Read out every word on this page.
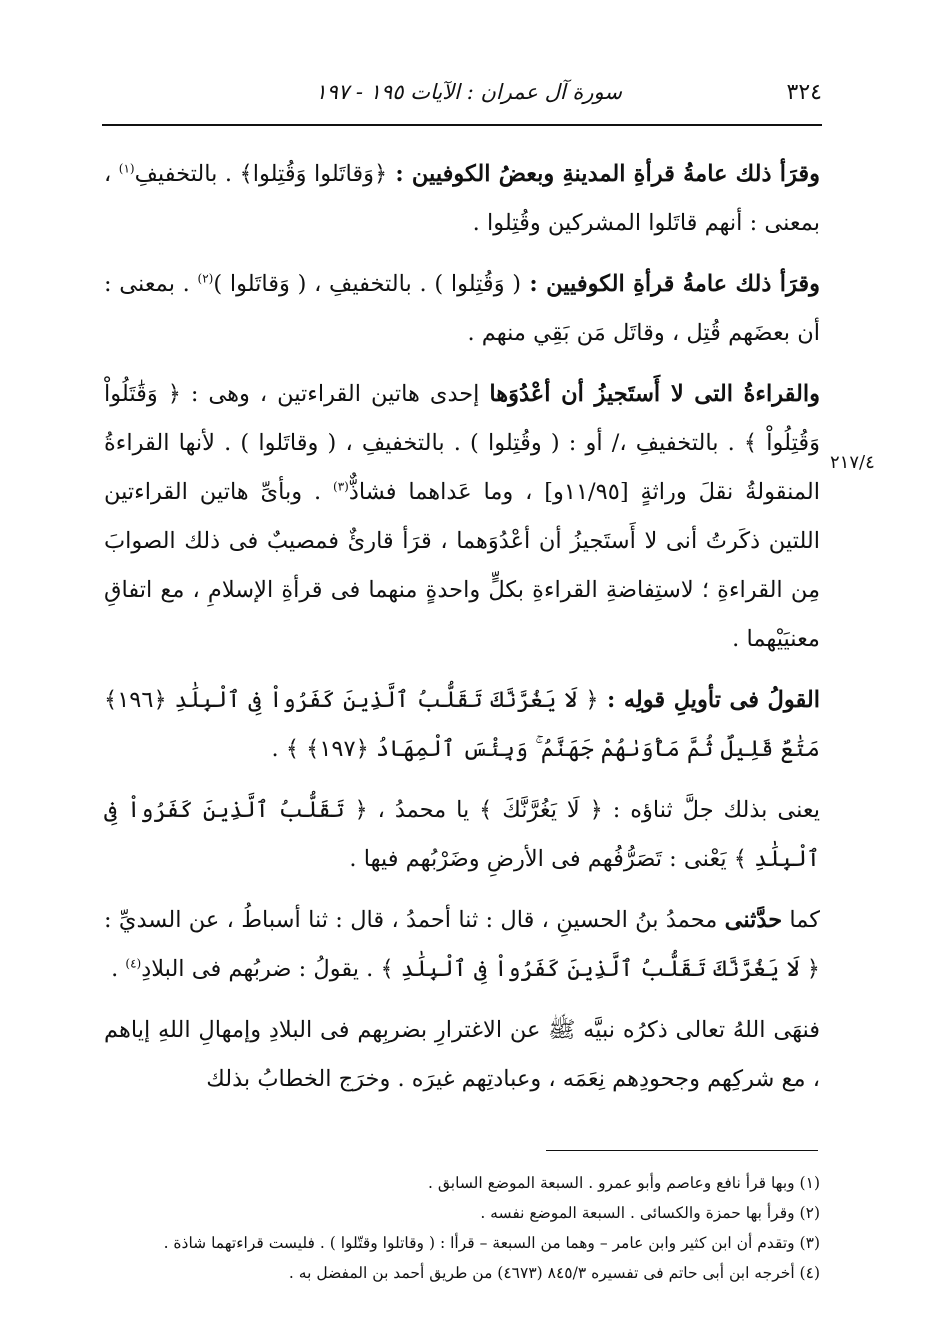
٣٢٤
سورة آل عمران : الآيات ١٩٥ - ١٩٧
٢١٧/٤

وقرَأ ذلك عامةُ قرأةِ المدينةِ وبعضُ الكوفيين : ﴿وَقاتَلوا وَقُتِلوا﴾ . بالتخفيفِ$^{(١)}$ ، بمعنى : أنهم قاتَلوا المشركين وقُتِلوا .

وقرَأ ذلك عامةُ قرأةِ الكوفيين : ( وَقُتِلوا ) . بالتخفيفِ ، ( وَقاتَلوا )$^{(٢)}$ . بمعنى : أن بعضَهم قُتِل ، وقاتَل مَن بَقِي منهم .

والقراءةُ التى لا أَستَجيزُ أن أعْدُوَها إحدى هاتين القراءتين ، وهى : ﴿ وَقَٰتَلُواْ وَقُتِلُواْ ﴾ . بالتخفيفِ ،/ أو : ( وقُتِلوا ) . بالتخفيفِ ، ( وقاتَلوا ) . لأنها القراءةُ المنقولةُ نقلَ وراثةٍ [١١/٩٥و] ، وما عَداهما فشاذٌّ$^{(٣)}$ . وبأىِّ هاتين القراءتين اللتين ذكَرتُ أنى لا أَستَجيزُ أن أعْدُوَهما ، قرَأ قارئٌ فمصيبٌ فى ذلك الصوابَ مِن القراءةِ ؛ لاستِفاضةِ القراءةِ بكلٍّ واحدةٍ منهما فى قرأةِ الإسلامِ ، مع اتفاقِ معنيَيْهما .

القولُ فى تأويلِ قولِه : ﴿ لَا يَغُرَّنَّكَ تَقَلُّبُ ٱلَّذِينَ كَفَرُواْ فِى ٱلْبِلَٰدِ ﴿١٩٦﴾ مَتَٰعٌ قَلِيلٌ ثُمَّ مَأْوَىٰهُمْ جَهَنَّمُ ۚ وَبِئْسَ ٱلْمِهَادُ ﴿١٩٧﴾ ﴾ .

يعنى بذلك جلَّ ثناؤه : ﴿ لَا يَغُرَّنَّكَ ﴾ يا محمدُ ، ﴿ تَقَلُّبُ ٱلَّذِينَ كَفَرُواْ فِى ٱلْبِلَٰدِ ﴾ يَعْنى : تَصَرُّفُهم فى الأرضِ وضَرْبُهم فيها .

كما حدَّثنى محمدُ بنُ الحسينِ ، قال : ثنا أحمدُ ، قال : ثنا أسباطُ ، عن السديِّ : ﴿ لَا يَغُرَّنَّكَ تَقَلُّبُ ٱلَّذِينَ كَفَرُواْ فِى ٱلْبِلَٰدِ ﴾ . يقولُ : ضربُهم فى البلادِ$^{(٤)}$ .

فنهَى اللهُ تعالى ذكرُه نبيَّه ﷺ عن الاغترارِ بضربِهم فى البلادِ وإمهالِ اللهِ إياهم ، مع شركِهم وجحودِهم نِعَمَه ، وعبادتِهم غيرَه . وخرَج الخطابُ بذلك

(١) وبها قرأ نافع وعاصم وأبو عمرو . السبعة الموضع السابق .
(٢) وقرأ بها حمزة والكسائى . السبعة الموضع نفسه .
(٣) وتقدم أن ابن كثير وابن عامر – وهما من السبعة – قرأا : ( وقاتلوا وقتّلوا ) . فليست قراءتهما شاذة .
(٤) أخرجه ابن أبى حاتم فى تفسيره ٨٤٥/٣ (٤٦٧٣) من طريق أحمد بن المفضل به .
